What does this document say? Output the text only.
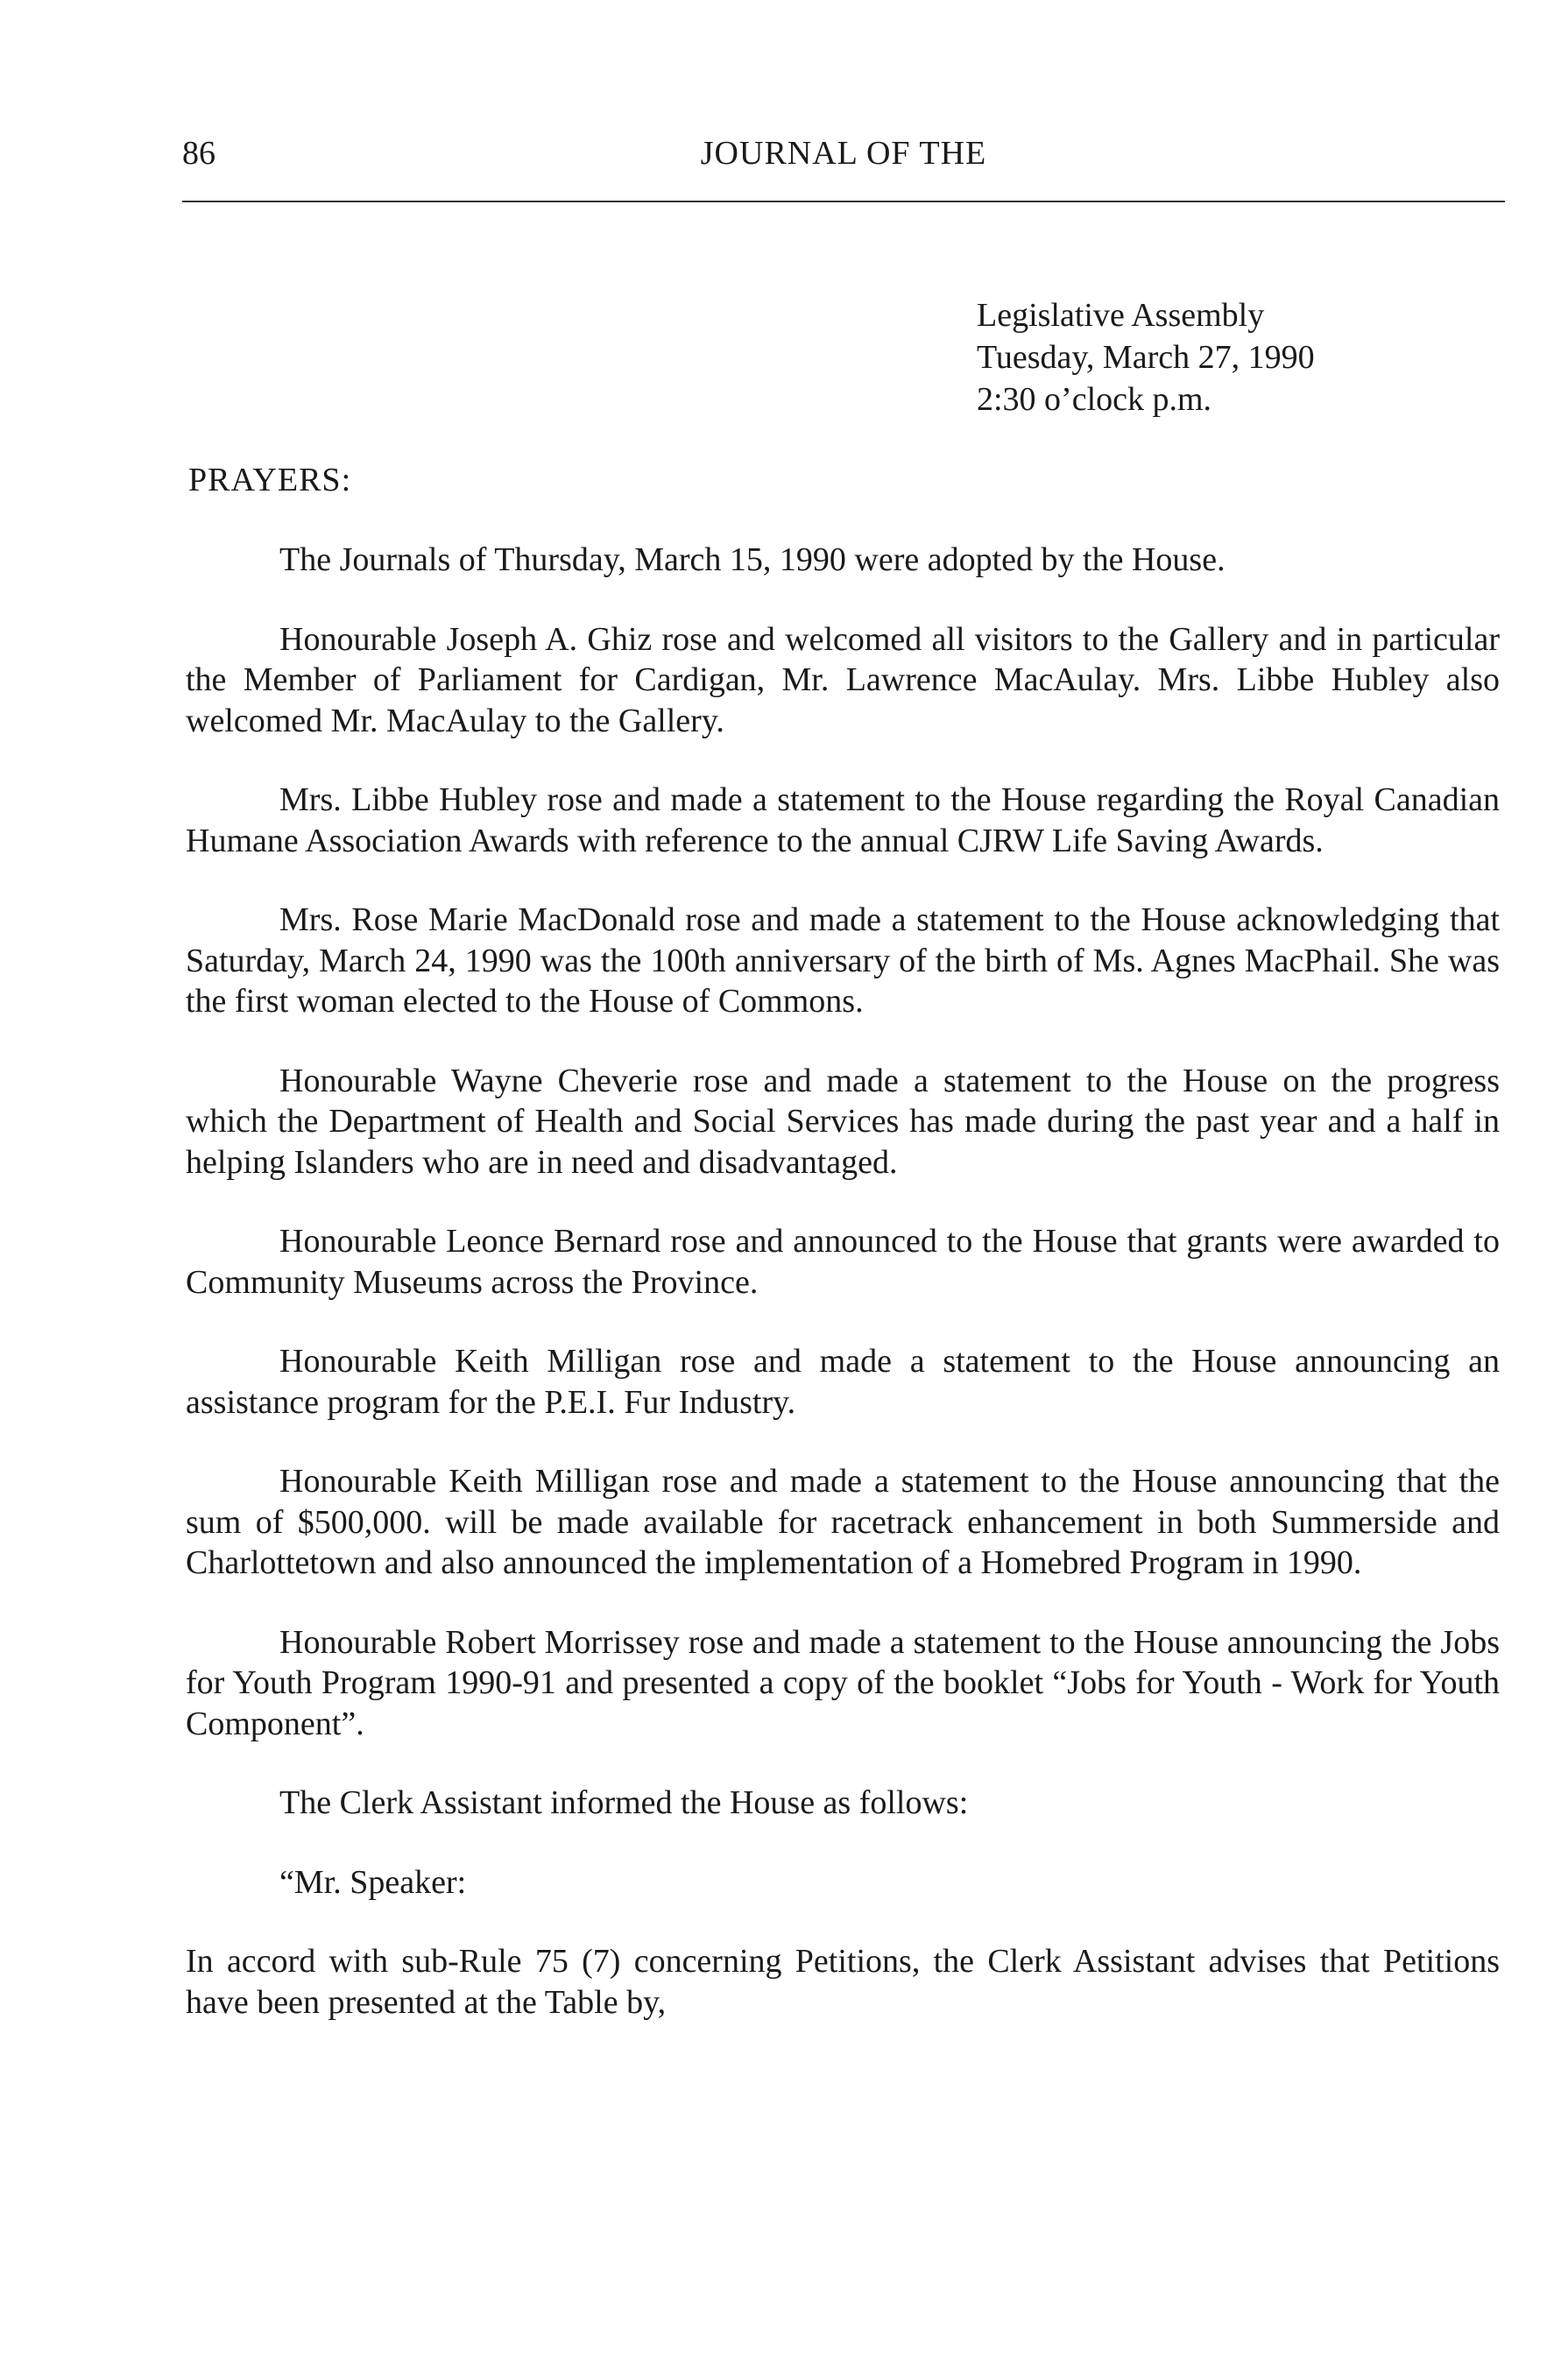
86	JOURNAL OF THE
Legislative Assembly
Tuesday, March 27, 1990
2:30 o’clock p.m.
PRAYERS:

The Journals of Thursday, March 15, 1990 were adopted by the House.

Honourable Joseph A. Ghiz rose and welcomed all visitors to the Gallery and in particular the Member of Parliament for Cardigan, Mr. Lawrence MacAulay. Mrs. Libbe Hubley also welcomed Mr. MacAulay to the Gallery.

Mrs. Libbe Hubley rose and made a statement to the House regarding the Royal Canadian Humane Association Awards with reference to the annual CJRW Life Saving Awards.

Mrs. Rose Marie MacDonald rose and made a statement to the House acknowledging that Saturday, March 24, 1990 was the 100th anniversary of the birth of Ms. Agnes MacPhail. She was the first woman elected to the House of Commons.

Honourable Wayne Cheverie rose and made a statement to the House on the progress which the Department of Health and Social Services has made during the past year and a half in helping Islanders who are in need and disadvantaged.

Honourable Leonce Bernard rose and announced to the House that grants were awarded to Community Museums across the Province.

Honourable Keith Milligan rose and made a statement to the House announcing an assistance program for the P.E.I. Fur Industry.

Honourable Keith Milligan rose and made a statement to the House announcing that the sum of $500,000. will be made available for racetrack enhancement in both Summerside and Charlottetown and also announced the implementation of a Homebred Program in 1990.

Honourable Robert Morrissey rose and made a statement to the House announcing the Jobs for Youth Program 1990-91 and presented a copy of the booklet “Jobs for Youth - Work for Youth Component”.

The Clerk Assistant informed the House as follows:

“Mr. Speaker:

In accord with sub-Rule 75 (7) concerning Petitions, the Clerk Assistant advises that Petitions have been presented at the Table by,
